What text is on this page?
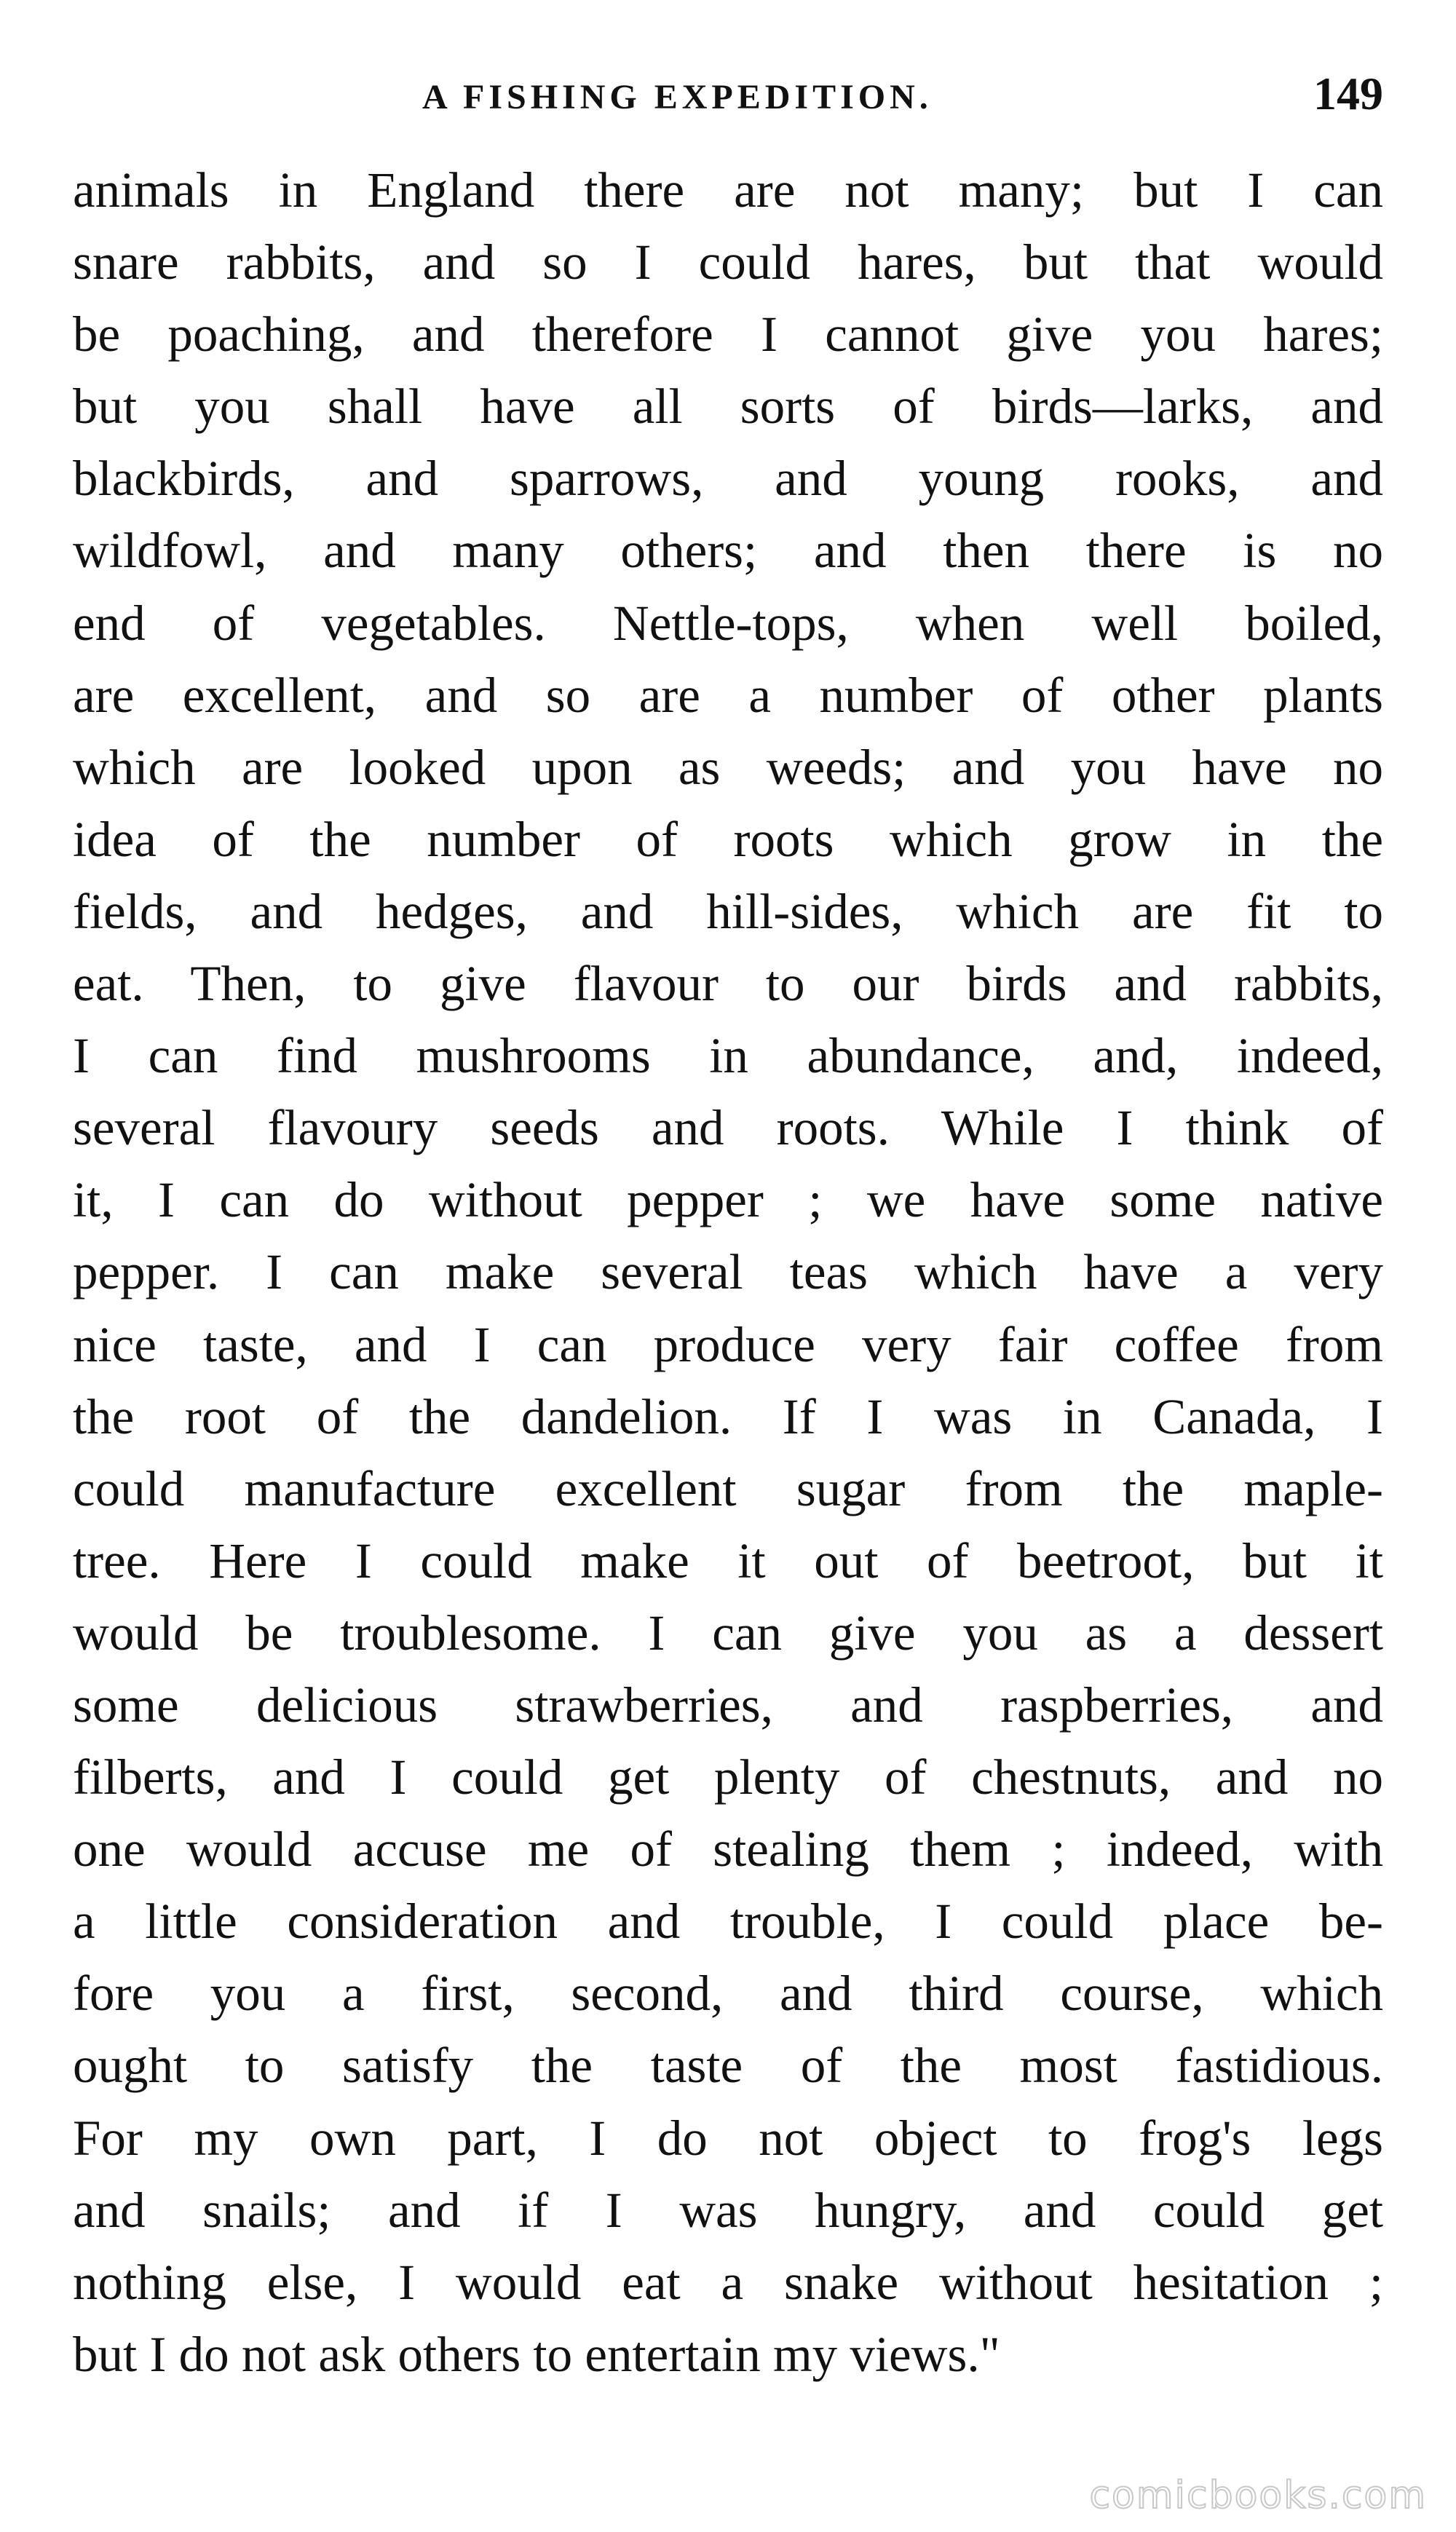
A FISHING EXPEDITION.	149
animals in England there are not many; but I can
snare rabbits, and so I could hares, but that would
be poaching, and therefore I cannot give you hares;
but you shall have all sorts of birds—larks, and
blackbirds, and sparrows, and young rooks, and
wildfowl, and many others; and then there is no
end of vegetables. Nettle-tops, when well boiled,
are excellent, and so are a number of other plants
which are looked upon as weeds; and you have no
idea of the number of roots which grow in the
fields, and hedges, and hill-sides, which are fit to
eat. Then, to give flavour to our birds and rabbits,
I can find mushrooms in abundance, and, indeed,
several flavoury seeds and roots. While I think of
it, I can do without pepper ; we have some native
pepper. I can make several teas which have a very
nice taste, and I can produce very fair coffee from
the root of the dandelion. If I was in Canada, I
could manufacture excellent sugar from the maple-
tree. Here I could make it out of beetroot, but it
would be troublesome. I can give you as a dessert
some delicious strawberries, and raspberries, and
filberts, and I could get plenty of chestnuts, and no
one would accuse me of stealing them ; indeed, with
a little consideration and trouble, I could place be-
fore you a first, second, and third course, which
ought to satisfy the taste of the most fastidious.
For my own part, I do not object to frog's legs
and snails; and if I was hungry, and could get
nothing else, I would eat a snake without hesitation ;
but I do not ask others to entertain my views."
comicbooks.com
